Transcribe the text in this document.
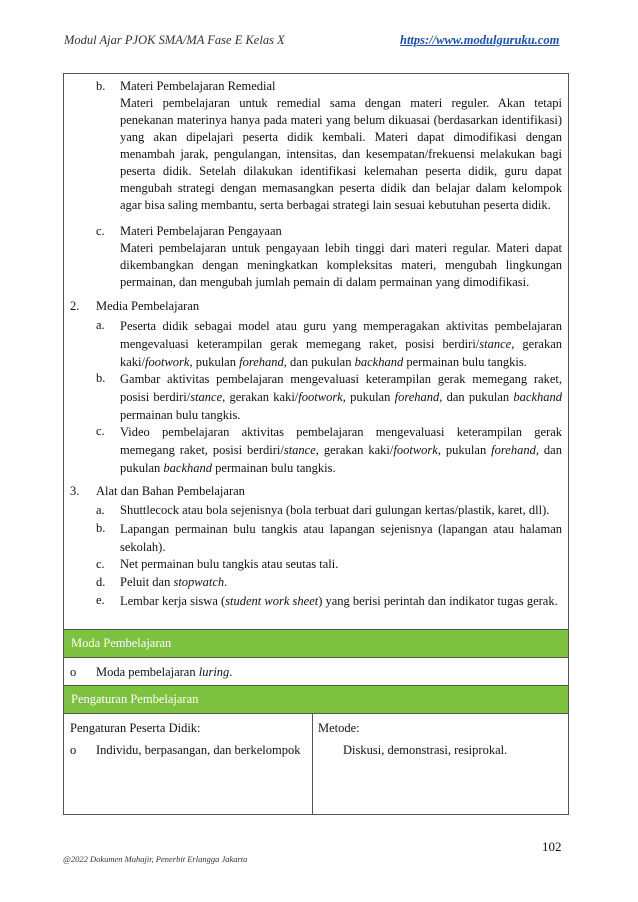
Modul Ajar PJOK SMA/MA Fase E Kelas X	https://www.modulguruku.com
b. Materi Pembelajaran Remedial
Materi pembelajaran untuk remedial sama dengan materi reguler. Akan tetapi penekanan materinya hanya pada materi yang belum dikuasai (berdasarkan identifikasi) yang akan dipelajari peserta didik kembali. Materi dapat dimodifikasi dengan menambah jarak, pengulangan, intensitas, dan kesempatan/frekuensi melakukan bagi peserta didik. Setelah dilakukan identifikasi kelemahan peserta didik, guru dapat mengubah strategi dengan memasangkan peserta didik dan belajar dalam kelompok agar bisa saling membantu, serta berbagai strategi lain sesuai kebutuhan peserta didik.
c. Materi Pembelajaran Pengayaan
Materi pembelajaran untuk pengayaan lebih tinggi dari materi regular. Materi dapat dikembangkan dengan meningkatkan kompleksitas materi, mengubah lingkungan permainan, dan mengubah jumlah pemain di dalam permainan yang dimodifikasi.
2. Media Pembelajaran
a. Peserta didik sebagai model atau guru yang memperagakan aktivitas pembelajaran mengevaluasi keterampilan gerak memegang raket, posisi berdiri/stance, gerakan kaki/footwork, pukulan forehand, dan pukulan backhand permainan bulu tangkis.
b. Gambar aktivitas pembelajaran mengevaluasi keterampilan gerak memegang raket, posisi berdiri/stance, gerakan kaki/footwork, pukulan forehand, dan pukulan backhand permainan bulu tangkis.
c. Video pembelajaran aktivitas pembelajaran mengevaluasi keterampilan gerak memegang raket, posisi berdiri/stance, gerakan kaki/footwork, pukulan forehand, dan pukulan backhand permainan bulu tangkis.
3. Alat dan Bahan Pembelajaran
a. Shuttlecock atau bola sejenisnya (bola terbuat dari gulungan kertas/plastik, karet, dll).
b. Lapangan permainan bulu tangkis atau lapangan sejenisnya (lapangan atau halaman sekolah).
c. Net permainan bulu tangkis atau seutas tali.
d. Peluit dan stopwatch.
e. Lembar kerja siswa (student work sheet) yang berisi perintah dan indikator tugas gerak.
Moda Pembelajaran
o Moda pembelajaran luring.
Pengaturan Pembelajaran
Pengaturan Peserta Didik:
o Individu, berpasangan, dan berkelompok
Metode:
Diskusi, demonstrasi, resiprokal.
102
@2022 Dokumen Muhajir, Penerbit Erlangga Jakarta
